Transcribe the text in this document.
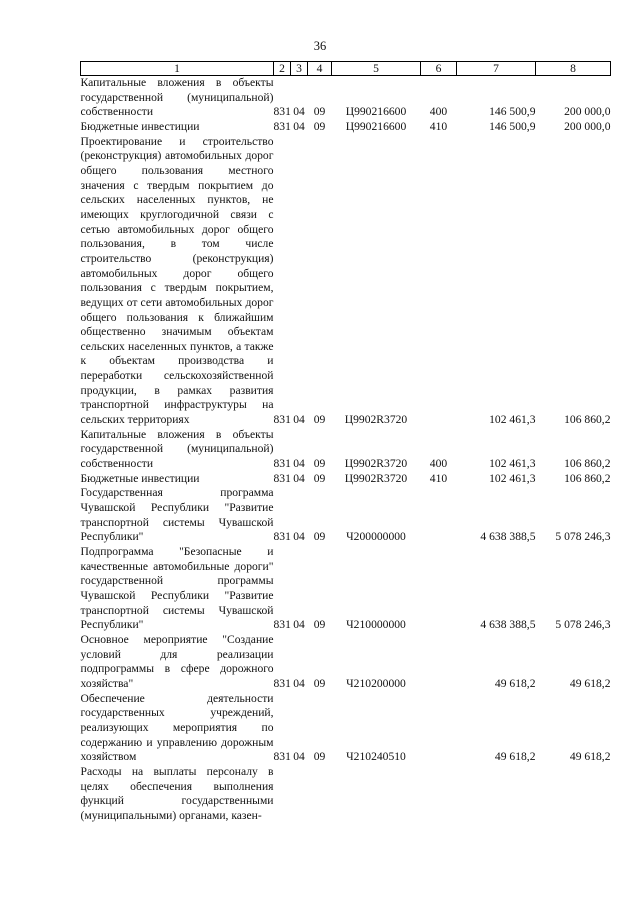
36
1	2	3	4	5	6	7	8
Капитальные вложения в объекты государственной (муниципальной) собственности	831	04	09	Ц990216600	400	146 500,9	200 000,0
Бюджетные инвестиции	831	04	09	Ц990216600	410	146 500,9	200 000,0
Проектирование и строительство (реконструкция) автомобильных дорог общего пользования местного значения с твердым покрытием до сельских населенных пунктов, не имеющих круглогодичной связи с сетью автомобильных дорог общего пользования, в том числе строительство (реконструкция) автомобильных дорог общего пользования с твердым покрытием, ведущих от сети автомобильных дорог общего пользования к ближайшим общественно значимым объектам сельских населенных пунктов, а также к объектам производства и переработки сельскохозяйственной продукции, в рамках развития транспортной инфраструктуры на сельских территориях	831	04	09	Ц9902R3720		102 461,3	106 860,2
Капитальные вложения в объекты государственной (муниципальной) собственности	831	04	09	Ц9902R3720	400	102 461,3	106 860,2
Бюджетные инвестиции	831	04	09	Ц9902R3720	410	102 461,3	106 860,2
Государственная программа Чувашской Республики "Развитие транспортной системы Чувашской Республики"	831	04	09	Ч200000000		4 638 388,5	5 078 246,3
Подпрограмма "Безопасные и качественные автомобильные дороги" государственной программы Чувашской Республики "Развитие транспортной системы Чувашской Республики"	831	04	09	Ч210000000		4 638 388,5	5 078 246,3
Основное мероприятие "Создание условий для реализации подпрограммы в сфере дорожного хозяйства"	831	04	09	Ч210200000		49 618,2	49 618,2
Обеспечение деятельности государственных учреждений, реализующих мероприятия по содержанию и управлению дорожным хозяйством	831	04	09	Ч210240510		49 618,2	49 618,2
Расходы на выплаты персоналу в целях обеспечения выполнения функций государственными (муниципальными) органами, казен-							
